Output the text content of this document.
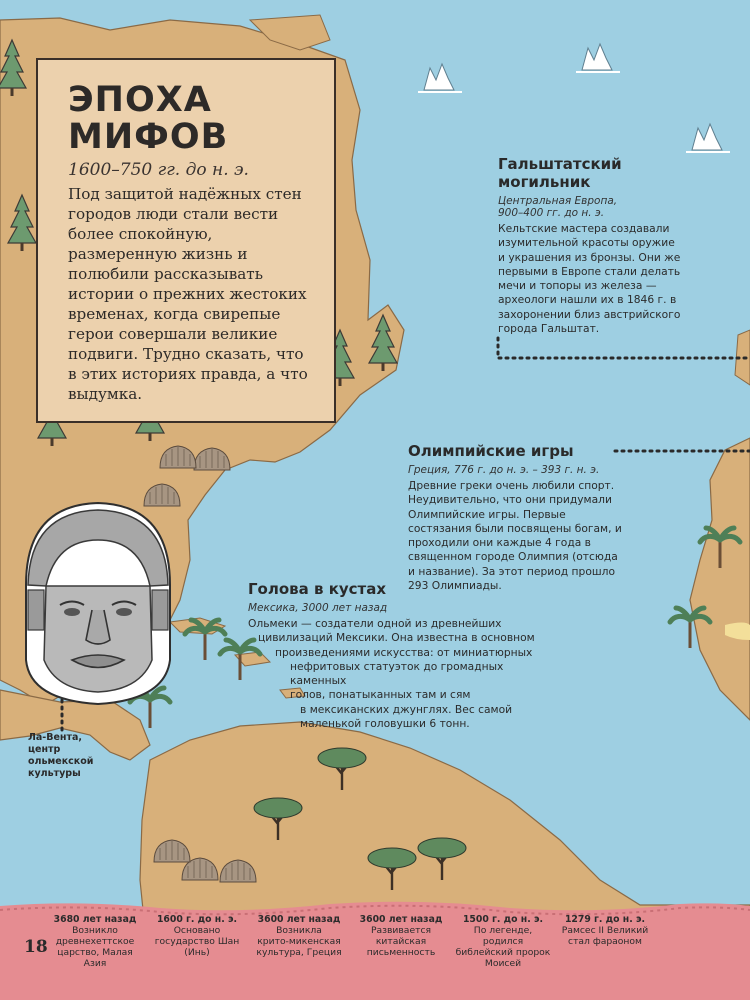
ЭПОХА
МИФОВ
1600–750 гг. до н. э.

Под защитой надёжных стен городов люди стали вести более спокойную, размеренную жизнь и полюбили рассказывать истории о прежних жестоких временах, когда свирепые герои совершали великие подвиги. Трудно сказать, что в этих историях правда, а что выдумка.

Гальштатский
могильник
Центральная Европа,
900–400 гг. до н. э.

Кельтские мастера создавали изумительной красоты оружие и украшения из бронзы. Они же первыми в Европе стали делать мечи и топоры из железа — археологи нашли их в 1846 г. в захоронении близ австрийского города Гальштат.

Олимпийские игры
Греция, 776 г. до н. э. – 393 г. н. э.

Древние греки очень любили спорт. Неудивительно, что они придумали Олимпийские игры. Первые состязания были посвящены богам, и проходили они каждые 4 года в священном городе Олимпия (отсюда и название). За этот период прошло 293 Олимпиады.

Голова в кустах
Мексика, 3000 лет назад
Ольмеки — создатели одной из древнейших
цивилизаций Мексики. Она известна в основном
произведениями искусства: от миниатюрных
нефритовых статуэток до громадных каменных
голов, понатыканных там и сям
в мексиканских джунглях. Вес самой
маленькой головушки 6 тонн.
Ла-Вента,
центр
ольмекской
культуры
18
3680 лет назад
Возникло
древнехеттское
царство, Малая Азия
1600 г. до н. э.
Основано
государство Шан
(Инь)
3600 лет назад
Возникла
крито-микенская
культура, Греция
3600 лет назад
Развивается
китайская
письменность
1500 г. до н. э.
По легенде, родился
библейский пророк
Моисей
1279 г. до н. э.
Рамсес II Великий
стал фараоном
